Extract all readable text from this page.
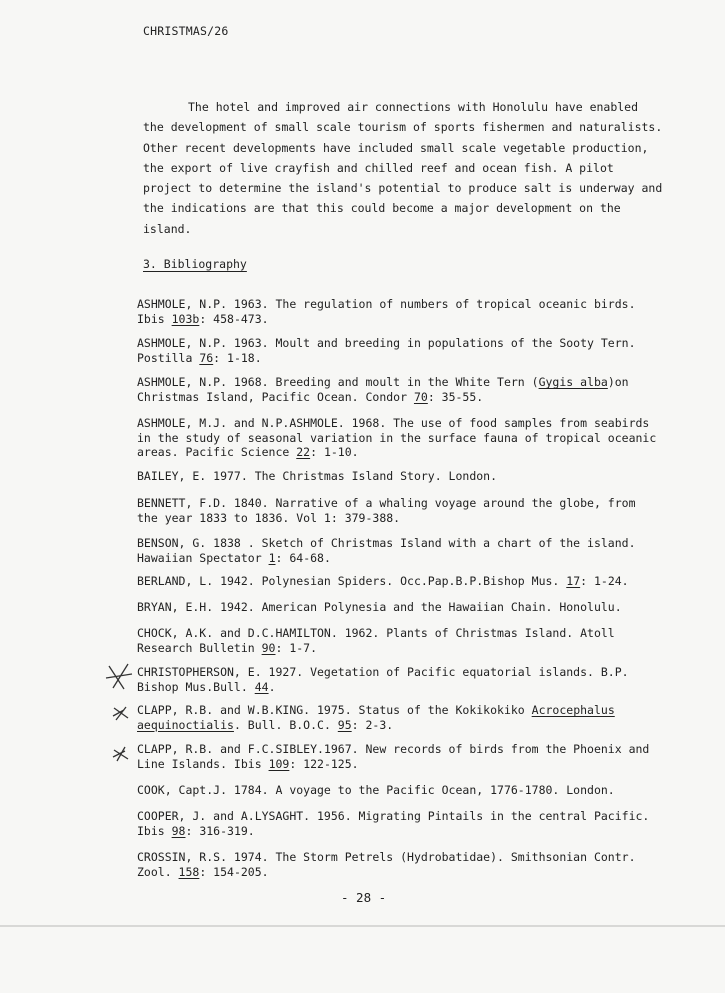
CHRISTMAS/26

The hotel and improved air connections with Honolulu have enabled the development of small scale tourism of sports fishermen and naturalists. Other recent developments have included small scale vegetable production, the export of live crayfish and chilled reef and ocean fish. A pilot project to determine the island's potential to produce salt is underway and the indications are that this could become a major development on the island.

3. Bibliography

ASHMOLE, N.P. 1963. The regulation of numbers of tropical oceanic birds. Ibis 103b: 458-473.

ASHMOLE, N.P. 1963. Moult and breeding in populations of the Sooty Tern. Postilla 76: 1-18.

ASHMOLE, N.P. 1968. Breeding and moult in the White Tern (Gygis alba)on Christmas Island, Pacific Ocean. Condor 70: 35-55.

ASHMOLE, M.J. and N.P.ASHMOLE. 1968. The use of food samples from seabirds in the study of seasonal variation in the surface fauna of tropical oceanic areas. Pacific Science 22: 1-10.

BAILEY, E. 1977. The Christmas Island Story. London.

BENNETT, F.D. 1840. Narrative of a whaling voyage around the globe, from the year 1833 to 1836. Vol 1: 379-388.

BENSON, G. 1838 . Sketch of Christmas Island with a chart of the island. Hawaiian Spectator 1: 64-68.

BERLAND, L. 1942. Polynesian Spiders. Occ.Pap.B.P.Bishop Mus. 17: 1-24.

BRYAN, E.H. 1942. American Polynesia and the Hawaiian Chain. Honolulu.

CHOCK, A.K. and D.C.HAMILTON. 1962. Plants of Christmas Island. Atoll Research Bulletin 90: 1-7.

CHRISTOPHERSON, E. 1927. Vegetation of Pacific equatorial islands. B.P. Bishop Mus.Bull. 44.

CLAPP, R.B. and W.B.KING. 1975. Status of the Kokikokiko Acrocephalus aequinoctialis. Bull. B.O.C. 95: 2-3.

CLAPP, R.B. and F.C.SIBLEY.1967. New records of birds from the Phoenix and Line Islands. Ibis 109: 122-125.

COOK, Capt.J. 1784. A voyage to the Pacific Ocean, 1776-1780. London.

COOPER, J. and A.LYSAGHT. 1956. Migrating Pintails in the central Pacific. Ibis 98: 316-319.

CROSSIN, R.S. 1974. The Storm Petrels (Hydrobatidae). Smithsonian Contr. Zool. 158: 154-205.

- 28 -
